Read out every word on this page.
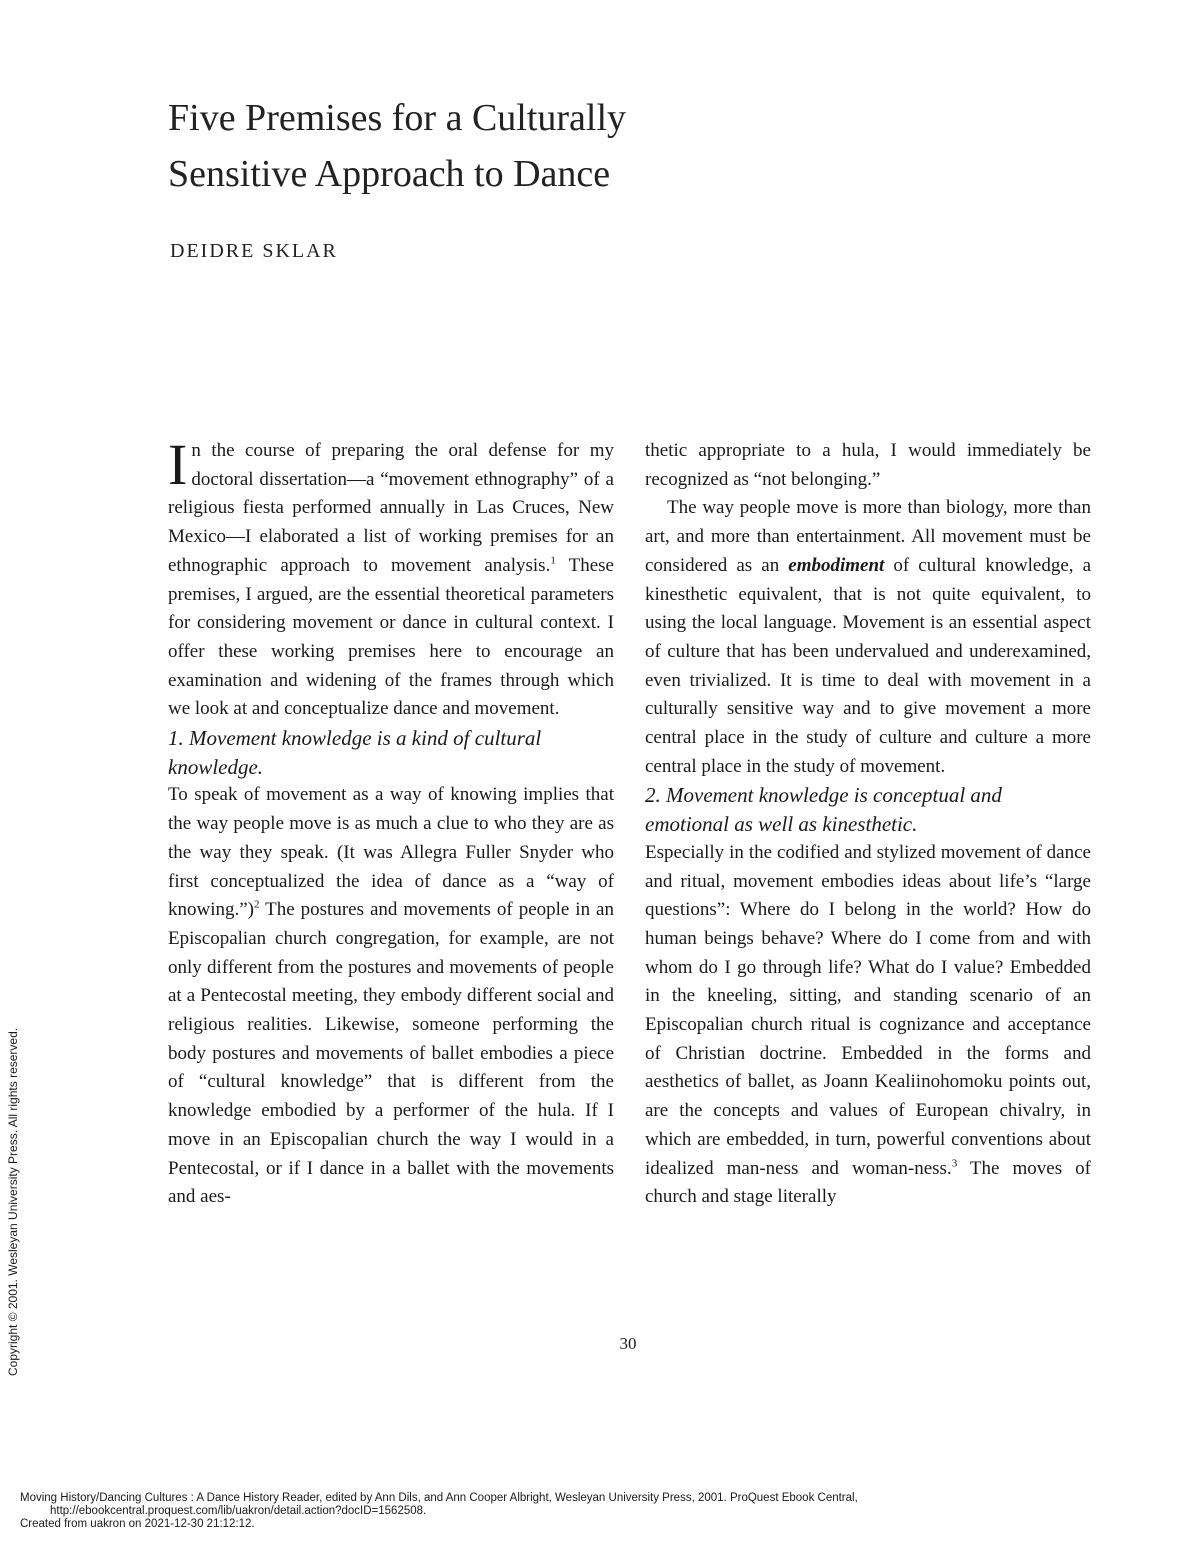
Five Premises for a Culturally
Sensitive Approach to Dance
DEIDRE SKLAR

In the course of preparing the oral defense for my doctoral dissertation—a “movement ethnography” of a religious fiesta performed annually in Las Cruces, New Mexico—I elaborated a list of working premises for an ethnographic approach to movement analysis.$^1$ These premises, I argued, are the essential theoretical parameters for considering movement or dance in cultural context. I offer these working premises here to encourage an examination and widening of the frames through which we look at and conceptualize dance and movement.

1. Movement knowledge is a kind of cultural knowledge.

To speak of movement as a way of knowing implies that the way people move is as much a clue to who they are as the way they speak. (It was Allegra Fuller Snyder who first conceptualized the idea of dance as a “way of knowing.”)$^2$ The postures and movements of people in an Episcopalian church congregation, for example, are not only different from the postures and movements of people at a Pentecostal meeting, they embody different social and religious realities. Likewise, someone performing the body postures and movements of ballet embodies a piece of “cultural knowledge” that is different from the knowledge embodied by a performer of the hula. If I move in an Episcopalian church the way I would in a Pentecostal, or if I dance in a ballet with the movements and aes-

thetic appropriate to a hula, I would immediately be recognized as “not belonging.”

The way people move is more than biology, more than art, and more than entertainment. All movement must be considered as an embodiment of cultural knowledge, a kinesthetic equivalent, that is not quite equivalent, to using the local language. Movement is an essential aspect of culture that has been undervalued and underexamined, even trivialized. It is time to deal with movement in a culturally sensitive way and to give movement a more central place in the study of culture and culture a more central place in the study of movement.

2. Movement knowledge is conceptual and emotional as well as kinesthetic.

Especially in the codified and stylized movement of dance and ritual, movement embodies ideas about life’s “large questions”: Where do I belong in the world? How do human beings behave? Where do I come from and with whom do I go through life? What do I value? Embedded in the kneeling, sitting, and standing scenario of an Episcopalian church ritual is cognizance and acceptance of Christian doctrine. Embedded in the forms and aesthetics of ballet, as Joann Kealiinohomoku points out, are the concepts and values of European chivalry, in which are embedded, in turn, powerful conventions about idealized man-ness and woman-ness.$^3$ The moves of church and stage literally

30
Copyright © 2001. Wesleyan University Press. All rights reserved.
Moving History/Dancing Cultures : A Dance History Reader, edited by Ann Dils, and Ann Cooper Albright, Wesleyan University Press, 2001. ProQuest Ebook Central,
http://ebookcentral.proquest.com/lib/uakron/detail.action?docID=1562508.
Created from uakron on 2021-12-30 21:12:12.
